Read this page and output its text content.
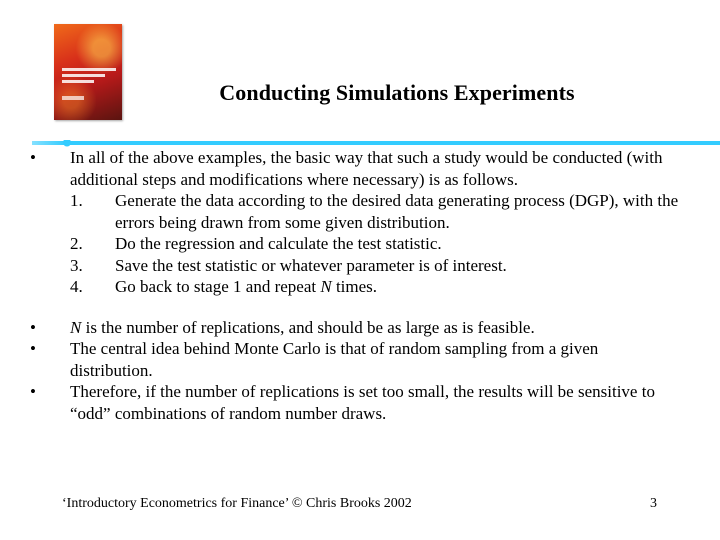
Conducting Simulations Experiments
•	In all of the above examples, the basic way that such a study would be conducted (with additional steps and modifications where necessary) is as follows.
1.	Generate the data according to the desired data generating process (DGP), with the errors being drawn from some given distribution.
2.	Do the regression and calculate the test statistic.
3.	Save the test statistic or whatever parameter is of interest.
4.	Go back to stage 1 and repeat N times.
•	N is the number of replications, and should be as large as is feasible.
•	The central idea behind Monte Carlo is that of random sampling from a given distribution.
•	Therefore, if the number of replications is set too small, the results will be sensitive to “odd” combinations of random number draws.
‘Introductory Econometrics for Finance’ © Chris Brooks 2002	3
